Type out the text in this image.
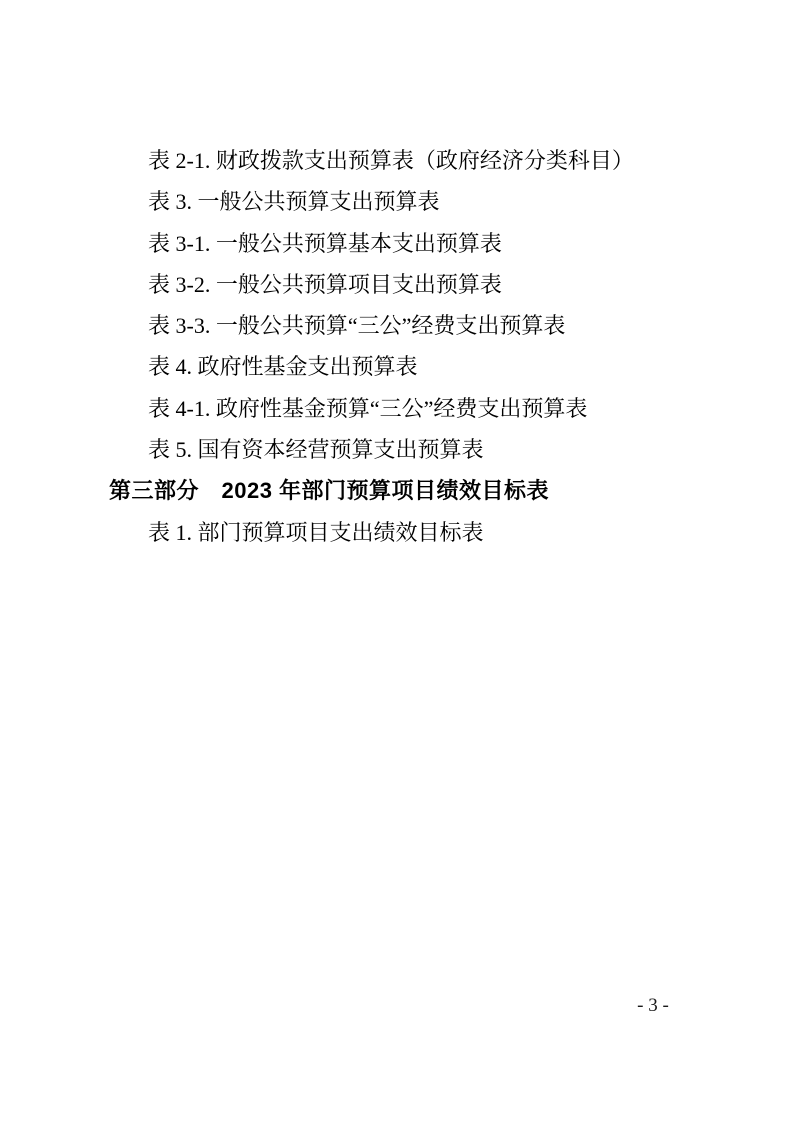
表 2-1. 财政拨款支出预算表（政府经济分类科目）
表 3. 一般公共预算支出预算表
表 3-1. 一般公共预算基本支出预算表
表 3-2. 一般公共预算项目支出预算表
表 3-3. 一般公共预算“三公”经费支出预算表
表 4. 政府性基金支出预算表
表 4-1. 政府性基金预算“三公”经费支出预算表
表 5. 国有资本经营预算支出预算表
第三部分　2023 年部门预算项目绩效目标表
表 1. 部门预算项目支出绩效目标表
- 3 -
